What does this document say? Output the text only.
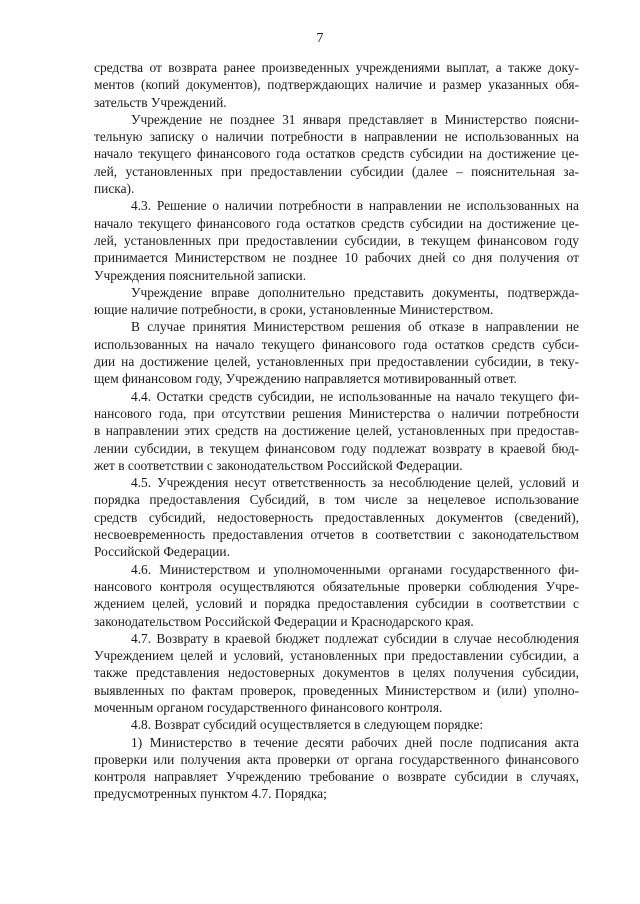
7

средства от возврата ранее произведенных учреждениями выплат, а также доку-
ментов (копий документов), подтверждающих наличие и размер указанных обя-
зательств Учреждений.

Учреждение не позднее 31 января представляет в Министерство поясни-
тельную записку о наличии потребности в направлении не использованных на
начало текущего финансового года остатков средств субсидии на достижение це-
лей, установленных при предоставлении субсидии (далее – пояснительная за-
писка).

4.3. Решение о наличии потребности в направлении не использованных на
начало текущего финансового года остатков средств субсидии на достижение це-
лей, установленных при предоставлении субсидии, в текущем финансовом году
принимается Министерством не позднее 10 рабочих дней со дня получения от
Учреждения пояснительной записки.

Учреждение вправе дополнительно представить документы, подтвержда-
ющие наличие потребности, в сроки, установленные Министерством.

В случае принятия Министерством решения об отказе в направлении не
использованных на начало текущего финансового года остатков средств субси-
дии на достижение целей, установленных при предоставлении субсидии, в теку-
щем финансовом году, Учреждению направляется мотивированный ответ.

4.4. Остатки средств субсидии, не использованные на начало текущего фи-
нансового года, при отсутствии решения Министерства о наличии потребности
в направлении этих средств на достижение целей, установленных при предостав-
лении субсидии, в текущем финансовом году подлежат возврату в краевой бюд-
жет в соответствии с законодательством Российской Федерации.

4.5. Учреждения несут ответственность за несоблюдение целей, условий и
порядка предоставления Субсидий, в том числе за нецелевое использование
средств субсидий, недостоверность предоставленных документов (сведений),
несвоевременность предоставления отчетов в соответствии с законодательством
Российской Федерации.

4.6. Министерством и уполномоченными органами государственного фи-
нансового контроля осуществляются обязательные проверки соблюдения Учре-
ждением целей, условий и порядка предоставления субсидии в соответствии с
законодательством Российской Федерации и Краснодарского края.

4.7. Возврату в краевой бюджет подлежат субсидии в случае несоблюдения
Учреждением целей и условий, установленных при предоставлении субсидии, а
также представления недостоверных документов в целях получения субсидии,
выявленных по фактам проверок, проведенных Министерством и (или) уполно-
моченным органом государственного финансового контроля.

4.8. Возврат субсидий осуществляется в следующем порядке:

1) Министерство в течение десяти рабочих дней после подписания акта
проверки или получения акта проверки от органа государственного финансового
контроля направляет Учреждению требование о возврате субсидии в случаях,
предусмотренных пунктом 4.7. Порядка;
